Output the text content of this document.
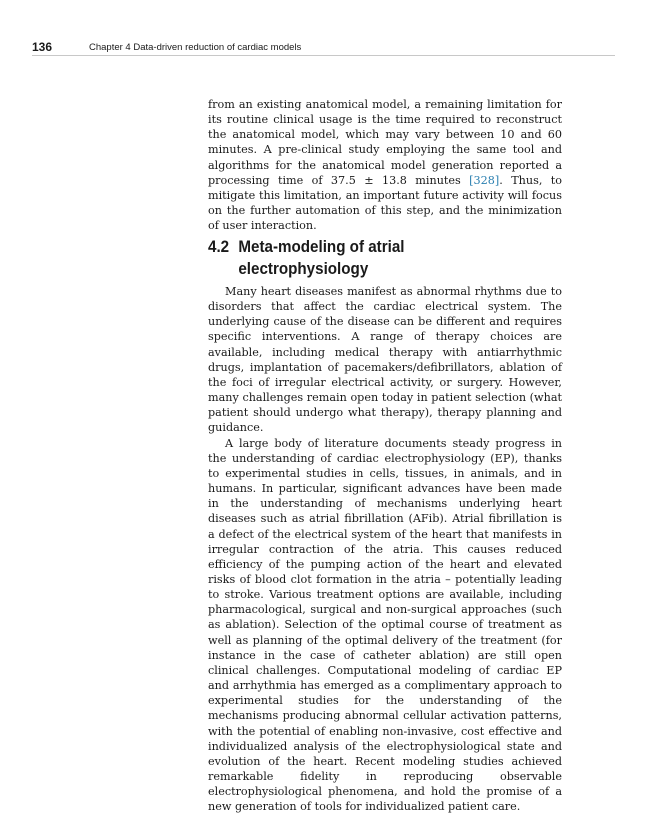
136	Chapter 4 Data-driven reduction of cardiac models

from an existing anatomical model, a remaining limitation for its routine clinical usage is the time required to reconstruct the anatomical model, which may vary between 10 and 60 minutes. A pre-clinical study employing the same tool and algorithms for the anatomical model generation reported a processing time of 37.5 ± 13.8 minutes [328]. Thus, to mitigate this limitation, an important future activity will focus on the further automation of this step, and the minimization of user interaction.

4.2 Meta-modeling of atrial
electrophysiology

Many heart diseases manifest as abnormal rhythms due to disorders that affect the cardiac electrical system. The underlying cause of the disease can be different and requires specific interventions. A range of therapy choices are available, including medical therapy with antiarrhythmic drugs, implantation of pacemakers/defibrillators, ablation of the foci of irregular electrical activity, or surgery. However, many challenges remain open today in patient selection (what patient should undergo what therapy), therapy planning and guidance.

A large body of literature documents steady progress in the understanding of cardiac electrophysiology (EP), thanks to experimental studies in cells, tissues, in animals, and in humans. In particular, significant advances have been made in the understanding of mechanisms underlying heart diseases such as atrial fibrillation (AFib). Atrial fibrillation is a defect of the electrical system of the heart that manifests in irregular contraction of the atria. This causes reduced efficiency of the pumping action of the heart and elevated risks of blood clot formation in the atria – potentially leading to stroke. Various treatment options are available, including pharmacological, surgical and non-surgical approaches (such as ablation). Selection of the optimal course of treatment as well as planning of the optimal delivery of the treatment (for instance in the case of catheter ablation) are still open clinical challenges. Computational modeling of cardiac EP and arrhythmia has emerged as a complimentary approach to experimental studies for the understanding of the mechanisms producing abnormal cellular activation patterns, with the potential of enabling non-invasive, cost effective and individualized analysis of the electrophysiological state and evolution of the heart. Recent modeling studies achieved remarkable fidelity in reproducing observable electrophysiological phenomena, and hold the promise of a new generation of tools for individualized patient care.
